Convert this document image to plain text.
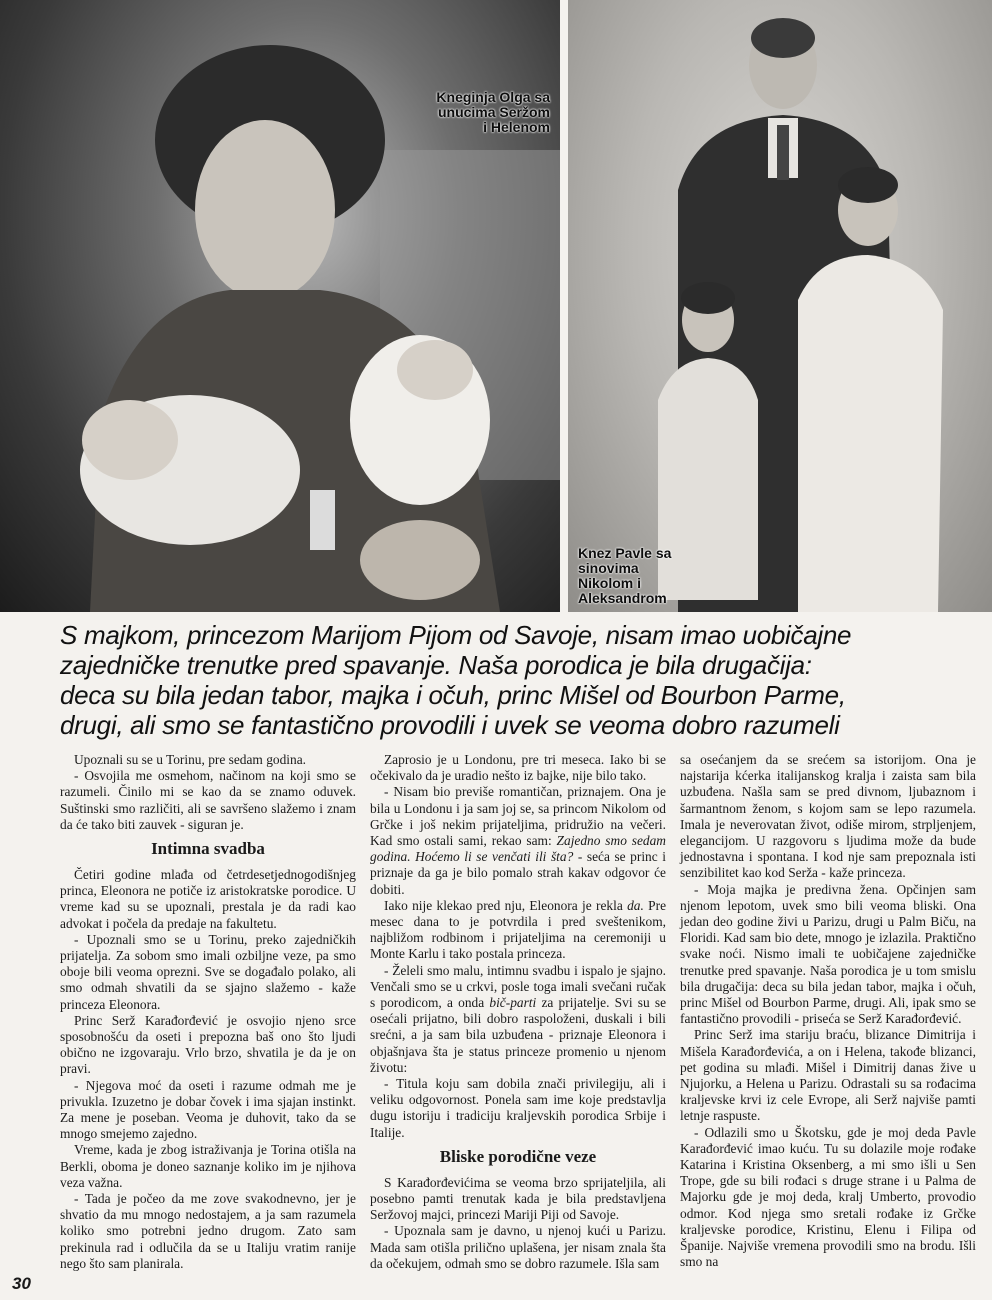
Kneginja Olga sa
unucima Seržom
i Helenom

Knez Pavle sa
sinovima
Nikolom i
Aleksandrom

S majkom, princezom Marijom Pijom od Savoje, nisam imao uobičajne
zajedničke trenutke pred spavanje. Naša porodica je bila drugačija:
deca su bila jedan tabor, majka i očuh, princ Mišel od Bourbon Parme,
drugi, ali smo se fantastično provodili i uvek se veoma dobro razumeli

Upoznali su se u Torinu, pre sedam godina.

- Osvojila me osmehom, načinom na koji smo se razumeli. Činilo mi se kao da se znamo oduvek. Suštinski smo različiti, ali se savršeno slažemo i znam da će tako biti zauvek - siguran je.

Intimna svadba

Četiri godine mlađa od četrdesetjednogodišnjeg princa, Eleonora ne potiče iz aristokratske porodice. U vreme kad su se upoznali, prestala je da radi kao advokat i počela da predaje na fakultetu.

- Upoznali smo se u Torinu, preko zajedničkih prijatelja. Za sobom smo imali ozbiljne veze, pa smo oboje bili veoma oprezni. Sve se događalo polako, ali smo odmah shvatili da se sjajno slažemo - kaže princeza Eleonora.

Princ Serž Karađorđević je osvojio njeno srce sposobnošću da oseti i prepozna baš ono što ljudi obično ne izgovaraju. Vrlo brzo, shvatila je da je on pravi.

- Njegova moć da oseti i razume odmah me je privukla. Izuzetno je dobar čovek i ima sjajan instinkt. Za mene je poseban. Veoma je duhovit, tako da se mnogo smejemo zajedno.

Vreme, kada je zbog istraživanja je Torina otišla na Berkli, oboma je doneo saznanje koliko im je njihova veza važna.

- Tada je počeo da me zove svakodnevno, jer je shvatio da mu mnogo nedostajem, a ja sam razumela koliko smo potrebni jedno drugom. Zato sam prekinula rad i odlučila da se u Italiju vratim ranije nego što sam planirala.

Zaprosio je u Londonu, pre tri meseca. Iako bi se očekivalo da je uradio nešto iz bajke, nije bilo tako.

- Nisam bio previše romantičan, priznajem. Ona je bila u Londonu i ja sam joj se, sa princom Nikolom od Grčke i još nekim prijateljima, pridružio na večeri. Kad smo ostali sami, rekao sam: Zajedno smo sedam godina. Hoćemo li se venčati ili šta? - seća se princ i priznaje da ga je bilo pomalo strah kakav odgovor će dobiti.

Iako nije klekao pred nju, Eleonora je rekla da. Pre mesec dana to je potvrdila i pred sveštenikom, najbližom rodbinom i prijateljima na ceremoniji u Monte Karlu i tako postala princeza.

- Želeli smo malu, intimnu svadbu i ispalo je sjajno. Venčali smo se u crkvi, posle toga imali svečani ručak s porodicom, a onda bič-parti za prijatelje. Svi su se osećali prijatno, bili dobro raspoloženi, duskali i bili srećni, a ja sam bila uzbuđena - priznaje Eleonora i objašnjava šta je status princeze promenio u njenom životu:

- Titula koju sam dobila znači privilegiju, ali i veliku odgovornost. Ponela sam ime koje predstavlja dugu istoriju i tradiciju kraljevskih porodica Srbije i Italije.

Bliske porodične veze

S Karađorđevićima se veoma brzo sprijateljila, ali posebno pamti trenutak kada je bila predstavljena Seržovoj majci, princezi Mariji Piji od Savoje.

- Upoznala sam je davno, u njenoj kući u Parizu. Mada sam otišla prilično uplašena, jer nisam znala šta da očekujem, odmah smo se dobro razumele. Išla sam

sa osećanjem da se srećem sa istorijom. Ona je najstarija kćerka italijanskog kralja i zaista sam bila uzbuđena. Našla sam se pred divnom, ljubaznom i šarmantnom ženom, s kojom sam se lepo razumela. Imala je neverovatan život, odiše mirom, strpljenjem, elegancijom. U razgovoru s ljudima može da bude jednostavna i spontana. I kod nje sam prepoznala isti senzibilitet kao kod Serža - kaže princeza.

- Moja majka je predivna žena. Opčinjen sam njenom lepotom, uvek smo bili veoma bliski. Ona jedan deo godine živi u Parizu, drugi u Palm Biču, na Floridi. Kad sam bio dete, mnogo je izlazila. Praktično svake noći. Nismo imali te uobičajene zajedničke trenutke pred spavanje. Naša porodica je u tom smislu bila drugačija: deca su bila jedan tabor, majka i očuh, princ Mišel od Bourbon Parme, drugi. Ali, ipak smo se fantastično provodili - priseća se Serž Karađorđević.

Princ Serž ima stariju braću, blizance Dimitrija i Mišela Karađorđevića, a on i Helena, takođe blizanci, pet godina su mlađi. Mišel i Dimitrij danas žive u Njujorku, a Helena u Parizu. Odrastali su sa rođacima kraljevske krvi iz cele Evrope, ali Serž najviše pamti letnje raspuste.

- Odlazili smo u Škotsku, gde je moj deda Pavle Karađorđević imao kuću. Tu su dolazile moje rođake Katarina i Kristina Oksenberg, a mi smo išli u Sen Trope, gde su bili rođaci s druge strane i u Palma de Majorku gde je moj deda, kralj Umberto, provodio odmor. Kod njega smo sretali rođake iz Grčke kraljevske porodice, Kristinu, Elenu i Filipa od Španije. Najviše vremena provodili smo na brodu. Išli smo na

30
